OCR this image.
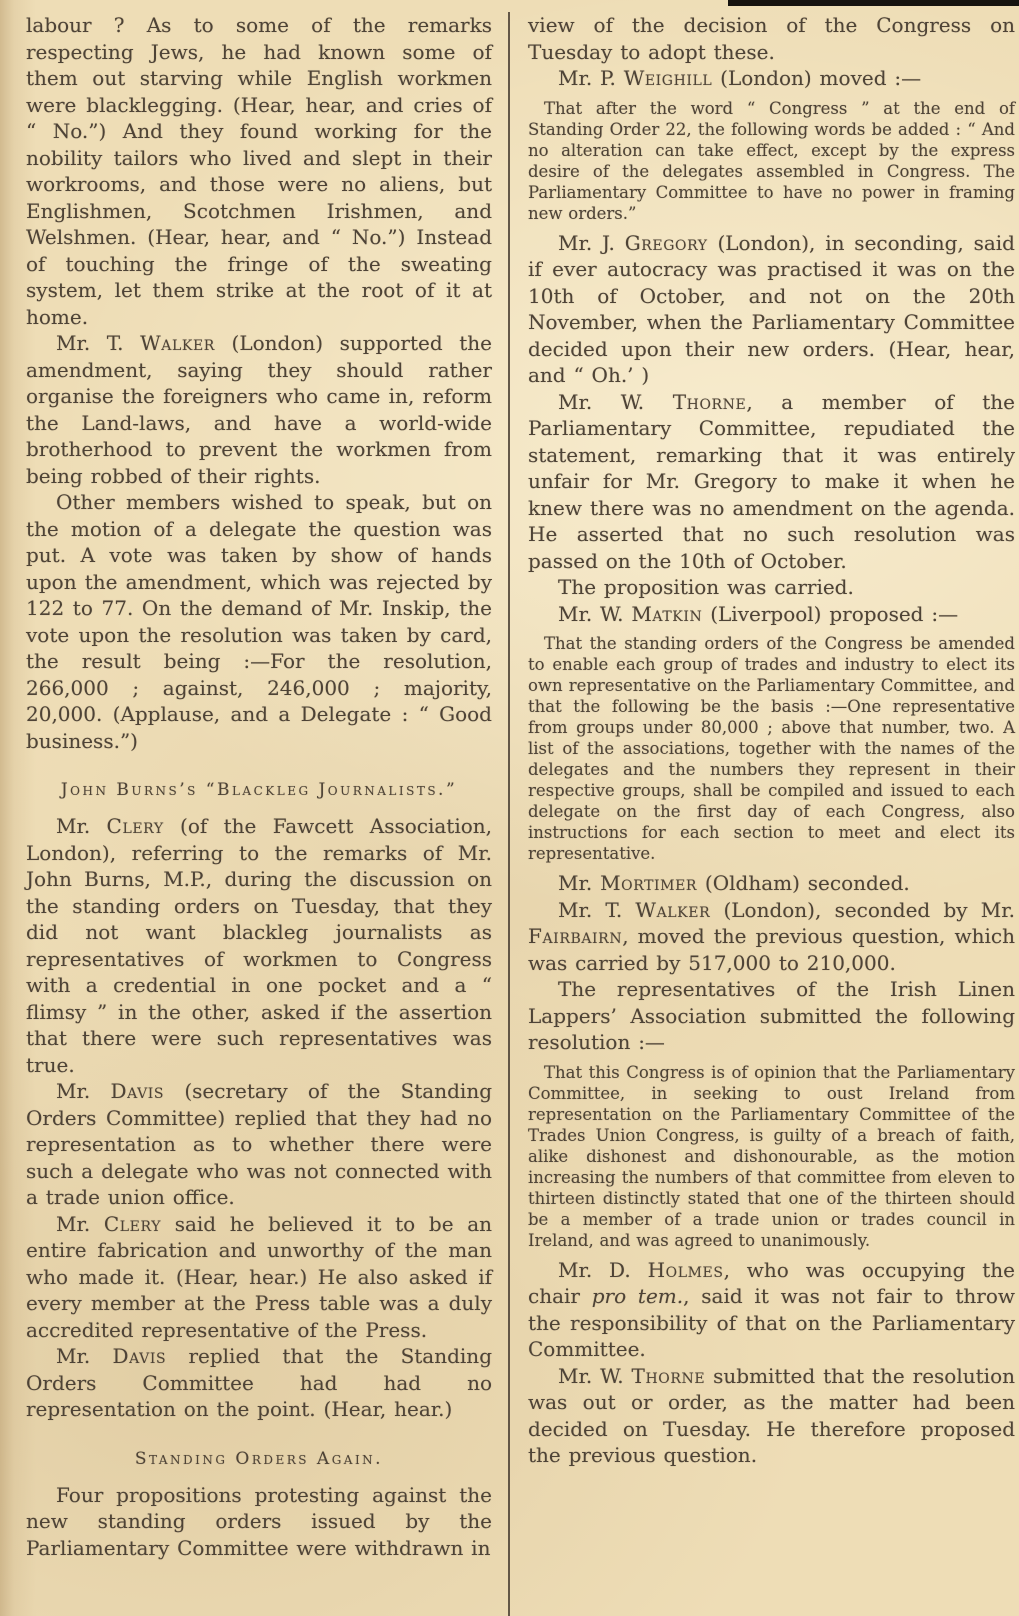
labour ? As to some of the remarks respecting Jews, he had known some of them out starving while English workmen were blacklegging. (Hear, hear, and cries of “ No.”) And they found working for the nobility tailors who lived and slept in their workrooms, and those were no aliens, but Englishmen, Scotchmen Irishmen, and Welshmen. (Hear, hear, and “ No.”) Instead of touching the fringe of the sweating system, let them strike at the root of it at home.

Mr. T. Walker (London) supported the amendment, saying they should rather organise the foreigners who came in, reform the Land-laws, and have a world-wide brotherhood to prevent the workmen from being robbed of their rights.

Other members wished to speak, but on the motion of a delegate the question was put. A vote was taken by show of hands upon the amendment, which was rejected by 122 to 77. On the demand of Mr. Inskip, the vote upon the resolution was taken by card, the result being :—For the resolution, 266,000 ; against, 246,000 ; majority, 20,000. (Applause, and a Delegate : “ Good business.”)

John Burns’s “Blackleg Journalists.”

Mr. Clery (of the Fawcett Association, London), referring to the remarks of Mr. John Burns, M.P., during the discussion on the standing orders on Tuesday, that they did not want blackleg journalists as representatives of workmen to Congress with a credential in one pocket and a “ flimsy ” in the other, asked if the assertion that there were such representatives was true.

Mr. Davis (secretary of the Standing Orders Committee) replied that they had no representation as to whether there were such a delegate who was not connected with a trade union office.

Mr. Clery said he believed it to be an entire fabrication and unworthy of the man who made it. (Hear, hear.) He also asked if every member at the Press table was a duly accredited representative of the Press.

Mr. Davis replied that the Standing Orders Committee had had no representation on the point. (Hear, hear.)

Standing Orders Again.

Four propositions protesting against the new standing orders issued by the Parliamentary Committee were withdrawn in

view of the decision of the Congress on Tuesday to adopt these.

Mr. P. Weighill (London) moved :—

That after the word “ Congress ” at the end of Standing Order 22, the following words be added : “ And no alteration can take effect, except by the express desire of the delegates assembled in Congress. The Parliamentary Committee to have no power in framing new orders.”

Mr. J. Gregory (London), in seconding, said if ever autocracy was practised it was on the 10th of October, and not on the 20th November, when the Parliamentary Committee decided upon their new orders. (Hear, hear, and “ Oh.’ )

Mr. W. Thorne, a member of the Parliamentary Committee, repudiated the statement, remarking that it was entirely unfair for Mr. Gregory to make it when he knew there was no amendment on the agenda. He asserted that no such resolution was passed on the 10th of October.

The proposition was carried.

Mr. W. Matkin (Liverpool) proposed :—

That the standing orders of the Congress be amended to enable each group of trades and industry to elect its own representative on the Parliamentary Committee, and that the following be the basis :—One representative from groups under 80,000 ; above that number, two. A list of the associations, together with the names of the delegates and the numbers they represent in their respective groups, shall be compiled and issued to each delegate on the first day of each Congress, also instructions for each section to meet and elect its representative.

Mr. Mortimer (Oldham) seconded.

Mr. T. Walker (London), seconded by Mr. Fairbairn, moved the previous question, which was carried by 517,000 to 210,000.

The representatives of the Irish Linen Lappers’ Association submitted the following resolution :—

That this Congress is of opinion that the Parliamentary Committee, in seeking to oust Ireland from representation on the Parliamentary Committee of the Trades Union Congress, is guilty of a breach of faith, alike dishonest and dishonourable, as the motion increasing the numbers of that committee from eleven to thirteen distinctly stated that one of the thirteen should be a member of a trade union or trades council in Ireland, and was agreed to unanimously.

Mr. D. Holmes, who was occupying the chair pro tem., said it was not fair to throw the responsibility of that on the Parliamentary Committee.

Mr. W. Thorne submitted that the resolution was out or order, as the matter had been decided on Tuesday. He therefore proposed the previous question.
